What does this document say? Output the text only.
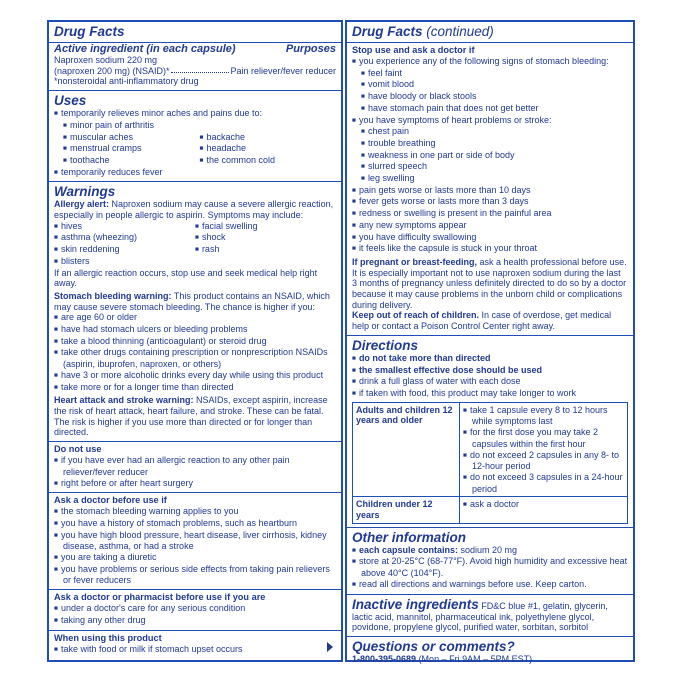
Drug Facts
Active ingredient (in each capsule)	Purposes
Naproxen sodium 220 mg
(naproxen 200 mg) (NSAID)*	Pain reliever/fever reducer
*nonsteroidal anti-inflammatory drug
Uses
■ temporarily relieves minor aches and pains due to:
■ minor pain of arthritis
■ muscular aches
■ menstrual cramps
■ toothache
■ backache
■ headache
■ the common cold
■ temporarily reduces fever
Warnings
Allergy alert: Naproxen sodium may cause a severe allergic reaction, especially in people allergic to aspirin. Symptoms may include:
■ hives
■ asthma (wheezing)
■ skin reddening
■ blisters
■ facial swelling
■ shock
■ rash
If an allergic reaction occurs, stop use and seek medical help right away.
Stomach bleeding warning: This product contains an NSAID, which may cause severe stomach bleeding. The chance is higher if you:
■ are age 60 or older
■ have had stomach ulcers or bleeding problems
■ take a blood thinning (anticoagulant) or steroid drug
■ take other drugs containing prescription or nonprescription NSAIDs (aspirin, ibuprofen, naproxen, or others)
■ have 3 or more alcoholic drinks every day while using this product
■ take more or for a longer time than directed
Heart attack and stroke warning: NSAIDs, except aspirin, increase the risk of heart attack, heart failure, and stroke. These can be fatal. The risk is higher if you use more than directed or for longer than directed.
Do not use
■ if you have ever had an allergic reaction to any other pain reliever/fever reducer
■ right before or after heart surgery
Ask a doctor before use if
■ the stomach bleeding warning applies to you
■ you have a history of stomach problems, such as heartburn
■ you have high blood pressure, heart disease, liver cirrhosis, kidney disease, asthma, or had a stroke
■ you are taking a diuretic
■ you have problems or serious side effects from taking pain relievers or fever reducers
Ask a doctor or pharmacist before use if you are
■ under a doctor's care for any serious condition
■ taking any other drug
When using this product
■ take with food or milk if stomach upset occurs
Drug Facts (continued)
Stop use and ask a doctor if
■ you experience any of the following signs of stomach bleeding:
■ feel faint
■ vomit blood
■ have bloody or black stools
■ have stomach pain that does not get better
■ you have symptoms of heart problems or stroke:
■ chest pain
■ trouble breathing
■ weakness in one part or side of body
■ slurred speech
■ leg swelling
■ pain gets worse or lasts more than 10 days
■ fever gets worse or lasts more than 3 days
■ redness or swelling is present in the painful area
■ any new symptoms appear
■ you have difficulty swallowing
■ it feels like the capsule is stuck in your throat
If pregnant or breast-feeding, ask a health professional before use. It is especially important not to use naproxen sodium during the last 3 months of pregnancy unless definitely directed to do so by a doctor because it may cause problems in the unborn child or complications during delivery.
Keep out of reach of children. In case of overdose, get medical help or contact a Poison Control Center right away.
Directions
■ do not take more than directed
■ the smallest effective dose should be used
■ drink a full glass of water with each dose
■ if taken with food, this product may take longer to work
Adults and children 12 years and older	■ take 1 capsule every 8 to 12 hours while symptoms last
■ for the first dose you may take 2 capsules within the first hour
■ do not exceed 2 capsules in any 8- to 12-hour period
■ do not exceed 3 capsules in a 24-hour period

Children under 12 years	■ ask a doctor
Other information
■ each capsule contains: sodium 20 mg
■ store at 20-25°C (68-77°F). Avoid high humidity and excessive heat above 40°C (104°F).
■ read all directions and warnings before use. Keep carton.
Inactive ingredients FD&C blue #1, gelatin, glycerin, lactic acid, mannitol, pharmaceutical ink, polyethylene glycol, povidone, propylene glycol, purified water, sorbitan, sorbitol
Questions or comments?
1-800-395-0689 (Mon – Fri 9AM – 5PM EST)
